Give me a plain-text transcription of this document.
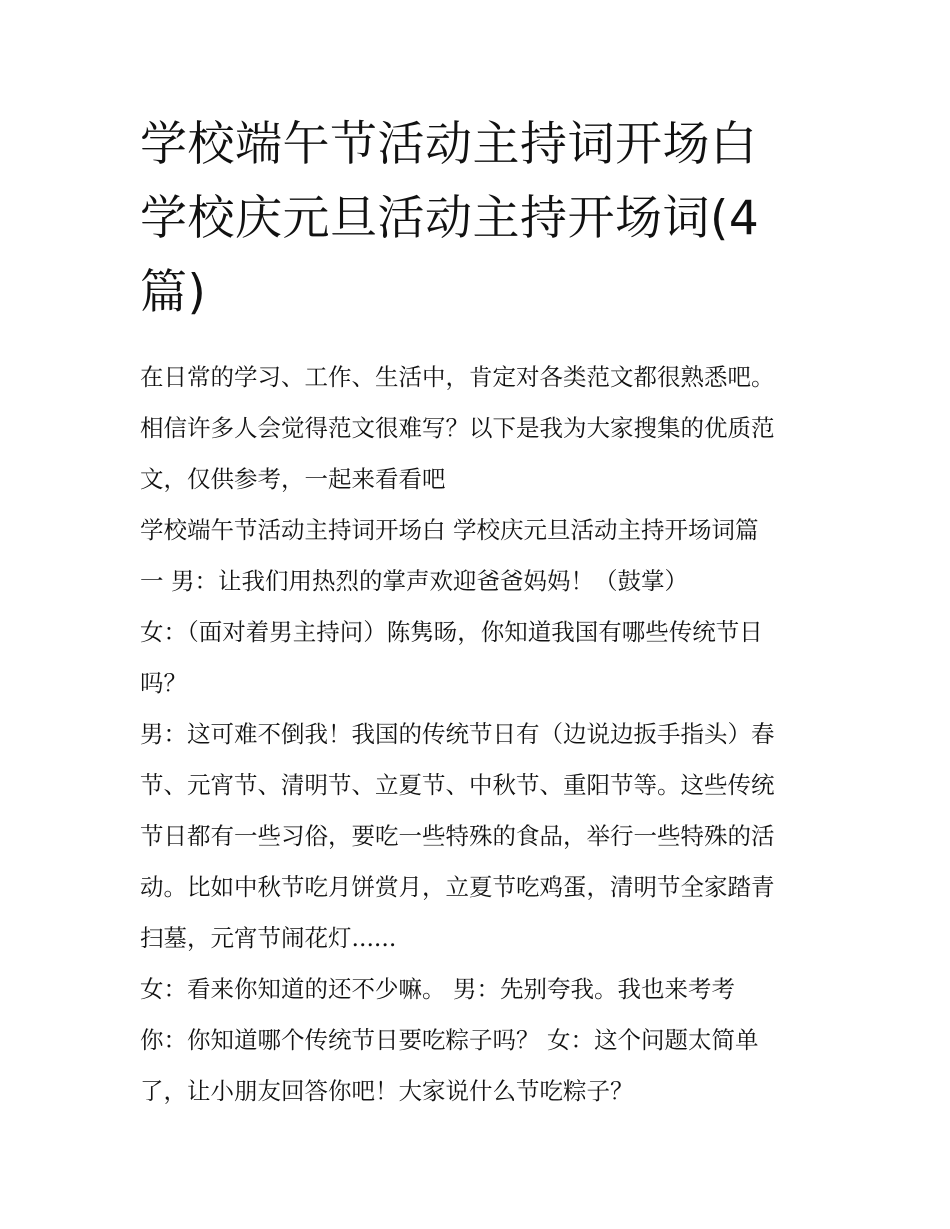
学校端午节活动主持词开场白
学校庆元旦活动主持开场词(4
篇)
在日常的学习、工作、生活中，肯定对各类范文都很熟悉吧。
相信许多人会觉得范文很难写？以下是我为大家搜集的优质范
文，仅供参考，一起来看看吧
学校端午节活动主持词开场白 学校庆元旦活动主持开场词篇
一 男：让我们用热烈的掌声欢迎爸爸妈妈！（鼓掌）
女：（面对着男主持问）陈隽旸，你知道我国有哪些传统节日
吗？
男：这可难不倒我！我国的传统节日有（边说边扳手指头）春
节、元宵节、清明节、立夏节、中秋节、重阳节等。这些传统
节日都有一些习俗，要吃一些特殊的食品，举行一些特殊的活
动。比如中秋节吃月饼赏月，立夏节吃鸡蛋，清明节全家踏青
扫墓，元宵节闹花灯......
女：看来你知道的还不少嘛。 男：先别夸我。我也来考考
你：你知道哪个传统节日要吃粽子吗？ 女：这个问题太简单
了，让小朋友回答你吧！大家说什么节吃粽子？
